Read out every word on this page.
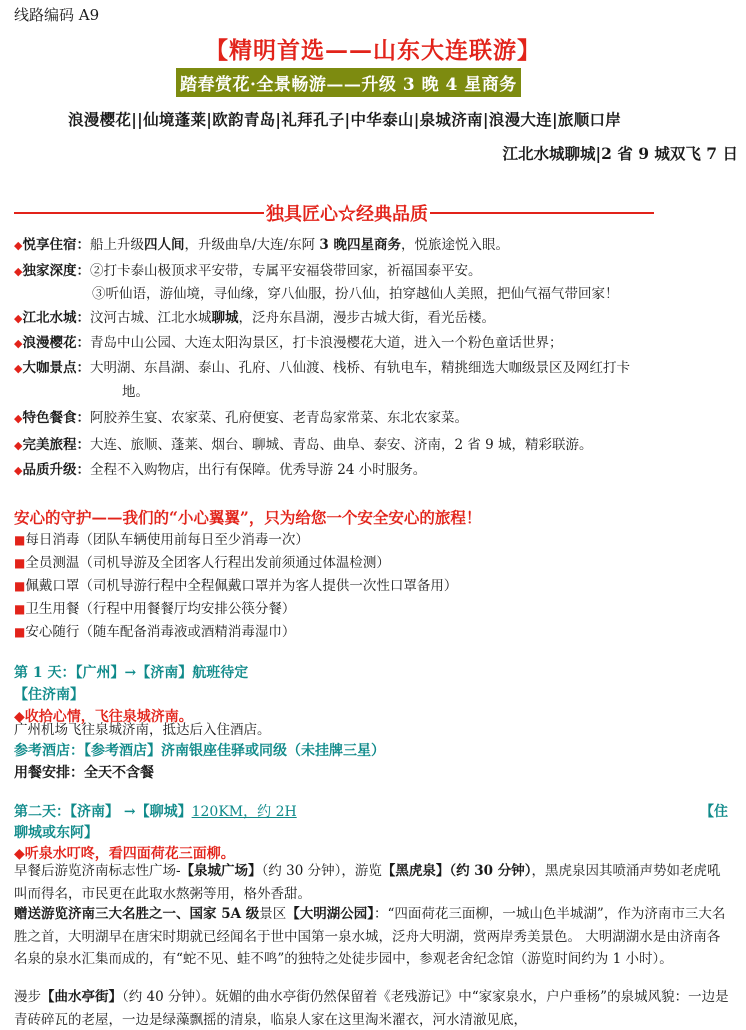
线路编码 A9
【精明首选——山东大连联游】
踏春赏花·全景畅游——升级 3 晚 4 星商务
浪漫樱花||仙境蓬莱|欧韵青岛|礼拜孔子|中华泰山|泉城济南|浪漫大连|旅顺口岸
江北水城聊城|2 省 9 城双飞 7 日
独具匠心☆经典品质
◆悦享住宿：船上升级四人间，升级曲阜/大连/东阿 3 晚四星商务，悦旅途悦入眼。
◆独家深度：②打卡泰山极顶求平安带，专属平安福袋带回家，祈福国泰平安。
③听仙语，游仙境，寻仙缘，穿八仙服，扮八仙，拍穿越仙人美照，把仙气福气带回家！
◆江北水城：汶河古城、江北水城聊城，泛舟东昌湖，漫步古城大街，看光岳楼。
◆浪漫樱花：青岛中山公园、大连太阳沟景区，打卡浪漫樱花大道，进入一个粉色童话世界；
◆大咖景点：大明湖、东昌湖、泰山、孔府、八仙渡、栈桥、有轨电车，精挑细选大咖级景区及网红打卡
地。
◆特色餐食：阿胶养生宴、农家菜、孔府便宴、老青岛家常菜、东北农家菜。
◆完美旅程：大连、旅顺、蓬莱、烟台、聊城、青岛、曲阜、泰安、济南，2 省 9 城，精彩联游。
◆品质升级：全程不入购物店，出行有保障。优秀导游 24 小时服务。
安心的守护——我们的“小心翼翼”，只为给您一个安全安心的旅程！
■每日消毒（团队车辆使用前每日至少消毒一次）
■全员测温（司机导游及全团客人行程出发前须通过体温检测）
■佩戴口罩（司机导游行程中全程佩戴口罩并为客人提供一次性口罩备用）
■卫生用餐（行程中用餐餐厅均安排公筷分餐）
■安心随行（随车配备消毒液或酒精消毒湿巾）
第 1 天：【广州】→【济南】航班待定
【住济南】
◆收拾心情，飞往泉城济南。
广州机场飞往泉城济南，抵达后入住酒店。
参考酒店：【参考酒店】济南银座佳驿或同级（未挂牌三星）
用餐安排：全天不含餐
第二天：【济南】 →【聊城】120KM，约 2H	【住
聊城或东阿】
◆听泉水叮咚，看四面荷花三面柳。
早餐后游览济南标志性广场-【泉城广场】（约 30 分钟），游览【黑虎泉】（约 30 分钟），黑虎泉因其喷涌声势如老虎吼叫而得名，市民更在此取水熬粥等用，格外香甜。
赠送游览济南三大名胜之一、国家 5A 级景区【大明湖公园】：“四面荷花三面柳，一城山色半城湖”，作为济南市三大名胜之首，大明湖早在唐宋时期就已经闻名于世中国第一泉水城，泛舟大明湖，赏两岸秀美景色。 大明湖湖水是由济南各名泉的泉水汇集而成的，有“蛇不见、蛙不鸣”的独特之处徒步园中，参观老舍纪念馆（游览时间约为 1 小时）。
漫步【曲水亭街】（约 40 分钟）。妩媚的曲水亭街仍然保留着《老残游记》中“家家泉水，户户垂杨”的泉城风貌：一边是青砖碎瓦的老屋，一边是绿藻飘摇的清泉，临泉人家在这里淘米濯衣，河水清澈见底，
